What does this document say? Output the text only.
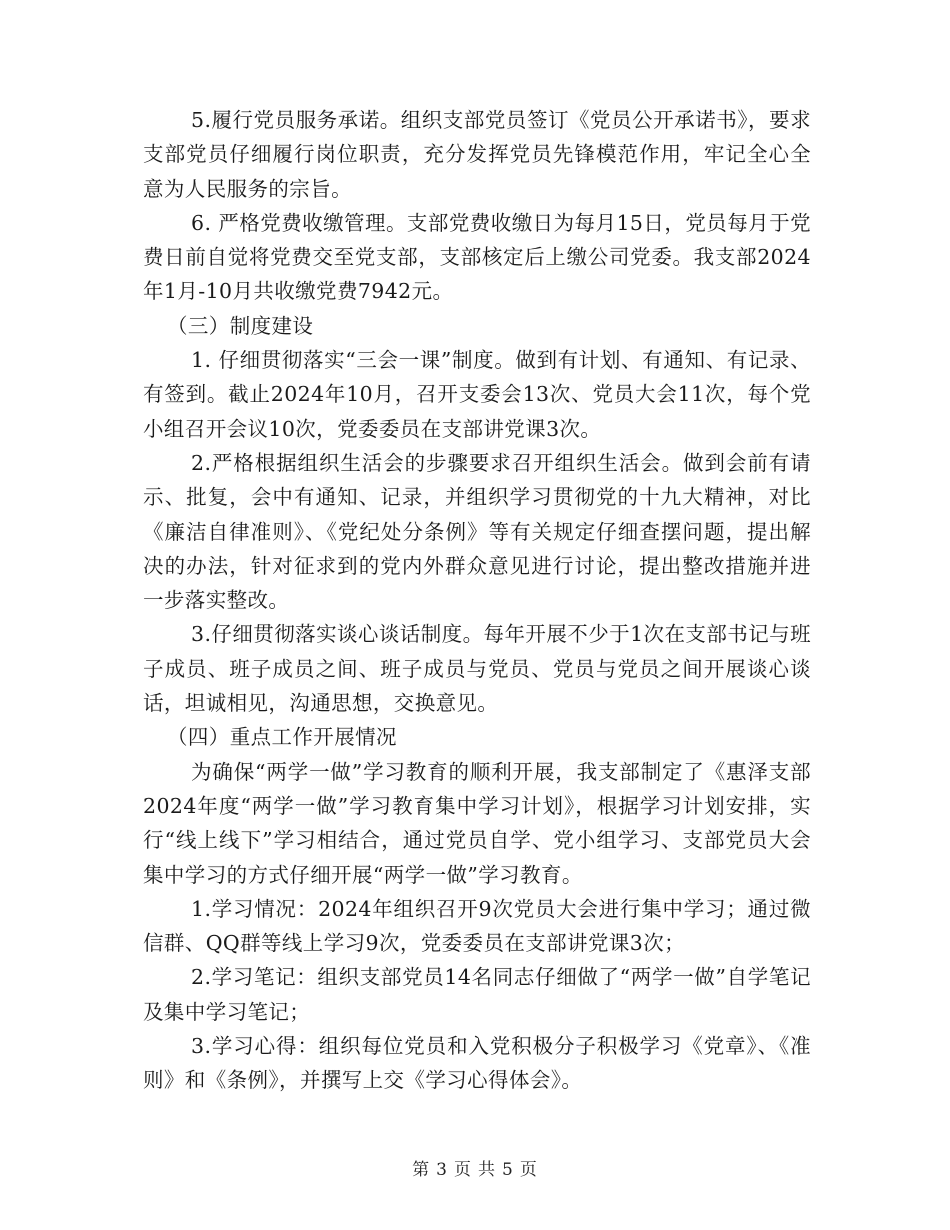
5.履行党员服务承诺。组织支部党员签订《党员公开承诺书》，要求支部党员仔细履行岗位职责，充分发挥党员先锋模范作用，牢记全心全意为人民服务的宗旨。

6. 严格党费收缴管理。支部党费收缴日为每月15日，党员每月于党费日前自觉将党费交至党支部，支部核定后上缴公司党委。我支部2024年1月-10月共收缴党费7942元。

（三）制度建设

1. 仔细贯彻落实“三会一课”制度。做到有计划、有通知、有记录、有签到。截止2024年10月，召开支委会13次、党员大会11次，每个党小组召开会议10次，党委委员在支部讲党课3次。

2.严格根据组织生活会的步骤要求召开组织生活会。做到会前有请示、批复，会中有通知、记录，并组织学习贯彻党的十九大精神，对比《廉洁自律准则》、《党纪处分条例》等有关规定仔细查摆问题，提出解决的办法，针对征求到的党内外群众意见进行讨论，提出整改措施并进一步落实整改。

3.仔细贯彻落实谈心谈话制度。每年开展不少于1次在支部书记与班子成员、班子成员之间、班子成员与党员、党员与党员之间开展谈心谈话，坦诚相见，沟通思想，交换意见。

（四）重点工作开展情况

为确保“两学一做”学习教育的顺利开展，我支部制定了《惠泽支部2024年度“两学一做”学习教育集中学习计划》，根据学习计划安排，实行“线上线下”学习相结合，通过党员自学、党小组学习、支部党员大会集中学习的方式仔细开展“两学一做”学习教育。

1.学习情况：2024年组织召开9次党员大会进行集中学习；通过微信群、QQ群等线上学习9次，党委委员在支部讲党课3次；

2.学习笔记：组织支部党员14名同志仔细做了“两学一做”自学笔记及集中学习笔记；

3.学习心得：组织每位党员和入党积极分子积极学习《党章》、《准则》和《条例》，并撰写上交《学习心得体会》。

第 3 页 共 5 页
